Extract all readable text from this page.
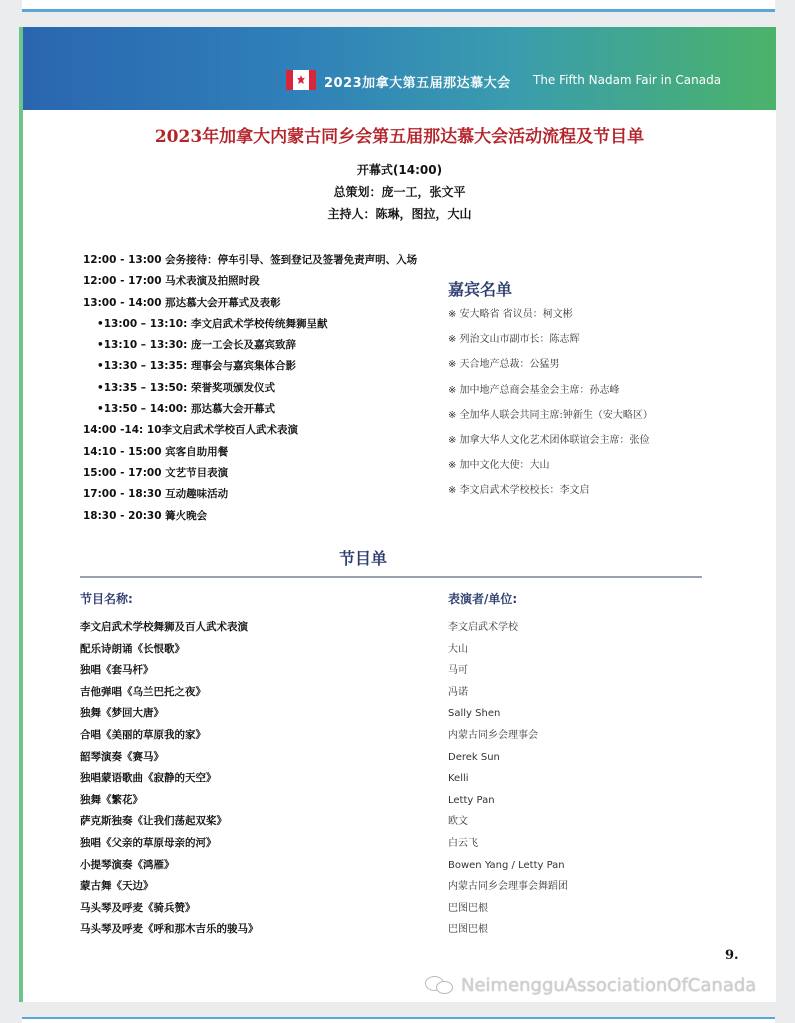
2023加拿大第五届那达慕大会 The Fifth Nadam Fair in Canada
2023年加拿大内蒙古同乡会第五届那达慕大会活动流程及节目单
开幕式(14:00)
总策划：庞一工，张文平
主持人：陈琳，图拉，大山
12:00 - 13:00 会务接待：停车引导、签到登记及签署免责声明、入场
12:00 - 17:00 马术表演及拍照时段
13:00 - 14:00 那达慕大会开幕式及表彰
•13:00 – 13:10: 李文启武术学校传统舞狮呈献
•13:10 – 13:30: 庞一工会长及嘉宾致辞
•13:30 – 13:35: 理事会与嘉宾集体合影
•13:35 – 13:50: 荣誉奖项颁发仪式
•13:50 – 14:00: 那达慕大会开幕式
14:00 -14: 10李文启武术学校百人武术表演
14:10 - 15:00 宾客自助用餐
15:00 - 17:00 文艺节目表演
17:00 - 18:30 互动趣味活动
18:30 - 20:30 篝火晚会
嘉宾名单
※ 安大略省 省议员：柯文彬
※ 列治文山市副市长：陈志辉
※ 天合地产总裁：公猛男
※ 加中地产总商会基金会主席：孙志峰
※ 全加华人联会共同主席:钟新生（安大略区）
※ 加拿大华人文化艺术团体联谊会主席：张俭
※ 加中文化大使：大山
※ 李文启武术学校校长：李文启
节目单
节目名称:	表演者/单位:
李文启武术学校舞狮及百人武术表演	李文启武术学校
配乐诗朗诵《长恨歌》	大山
独唱《套马杆》	马可
吉他弹唱《乌兰巴托之夜》	冯诺
独舞《梦回大唐》	Sally Shen
合唱《美丽的草原我的家》	内蒙古同乡会理事会
韶琴演奏《赛马》	Derek Sun
独唱蒙语歌曲《寂静的天空》	Kelli
独舞《繁花》	Letty Pan
萨克斯独奏《让我们荡起双桨》	欧文
独唱《父亲的草原母亲的河》	白云飞
小提琴演奏《鸿雁》	Bowen Yang / Letty Pan
蒙古舞《天边》	内蒙古同乡会理事会舞蹈团
马头琴及呼麦《骑兵赞》	巴图巴根
马头琴及呼麦《呼和那木吉乐的骏马》	巴图巴根
9.
NeimengguAssociationOfCanada
